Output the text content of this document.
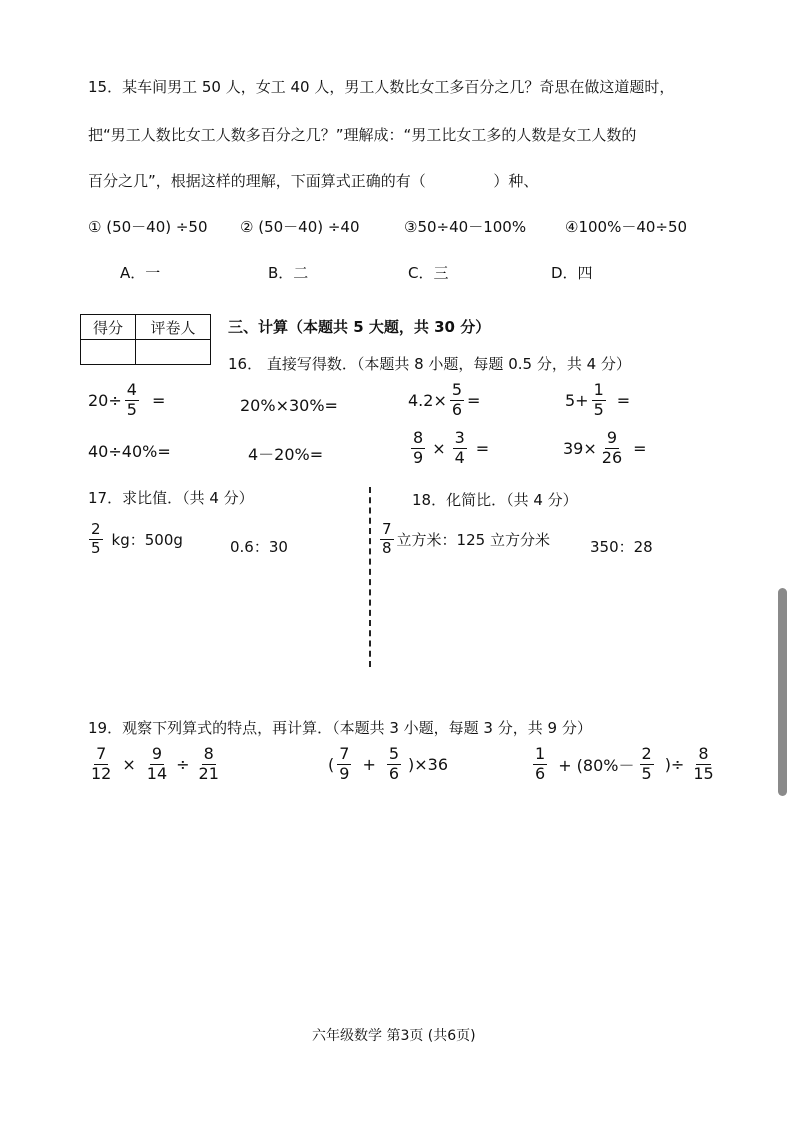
15．某车间男工 50 人，女工 40 人，男工人数比女工多百分之几？奇思在做这道题时，
把“男工人数比女工人数多百分之几？”理解成：“男工比女工多的人数是女工人数的
百分之几”，根据这样的理解，下面算式正确的有（	）种、
① (50－40) ÷50 ② (50－40) ÷40	③50÷40－100%	④100%－40÷50
A．一	B．二	C．三	D．四
得分	评卷人
	三、计算（本题共 5 大题，共 30 分）
16． 直接写得数．（本题共 8 小题，每题 0.5 分，共 4 分）
$20\div \frac{4}{5}$ =	20%×30%=	$4.2\times \frac{5}{6}$ =	$5+ \frac{1}{5}$ =
40÷40%=	4－20%=	$\frac{8}{9} \times \frac{3}{4}$ =	$39\times \frac{9}{26}$ =
17．求比值．（共 4 分）
$\frac{2}{5}$ kg：500g	0.6：30
18．化简比．（共 4 分）
$\frac{7}{8}$ 立方米：125 立方分米	350：28
19．观察下列算式的特点，再计算．（本题共 3 小题，每题 3 分，共 9 分）
$\frac{7}{12} \times \frac{9}{14} \div \frac{8}{21}$	( $\frac{7}{9} + \frac{5}{6} )\times 36$	$\frac{1}{6} + (80\%- \frac{2}{5}$ )÷ $\frac{8}{15}$
六年级数学 第3页 (共6页)
